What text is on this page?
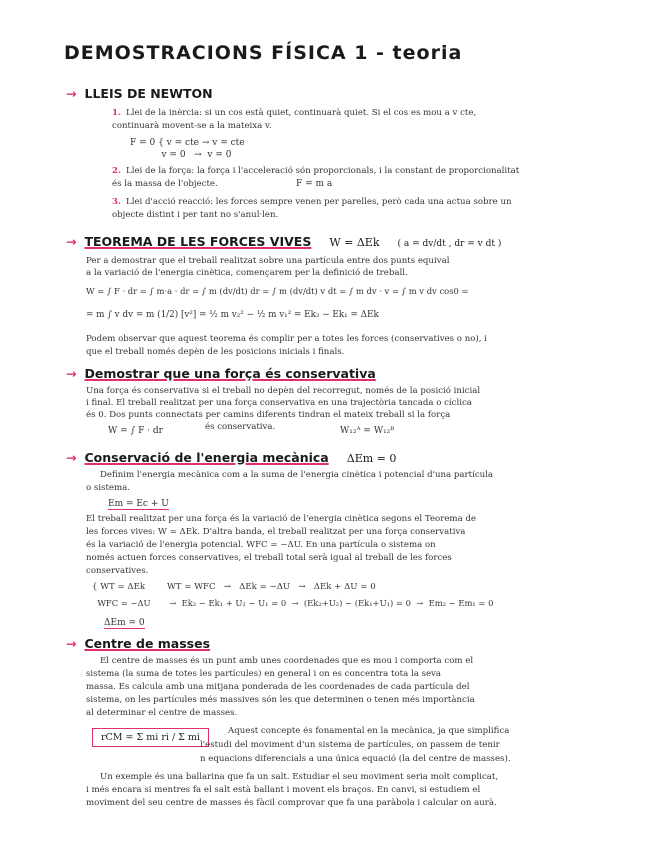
DEMOSTRACIONS FÍSICA 1 - teoria
→ LLEIS DE NEWTON
1. Llei de la inèrcia: si un cos està quiet, continuarà quiet. Si el cos es mou a v cte,
continuarà movent-se a la mateixa v.
F = 0 { v = cte → v = cte
v = 0   →  v = 0
2. Llei de la força: la força i l'acceleració són proporcionals, i la constant de proporcionalitat
és la massa de l'objecte.	F = m a
3. Llei d'acció reacció: les forces sempre venen per parelles, però cada una actua sobre un
objecte distint i per tant no s'anul·len.
→ TEOREMA DE LES FORCES VIVES W = ΔEk ( a = dv/dt , dr = v dt )
Per a demostrar que el treball realitzat sobre una partícula entre dos punts equival
a la variació de l'energia cinètica, començarem per la definició de treball.
W = ∫ F · dr = ∫ m·a · dr = ∫ m (dv/dt) dr = ∫ m (dv/dt) v dt = ∫ m dv · v = ∫ m v dv cos0 =
= m ∫ v dv = m (1/2) [v²] = ½ m v₂² − ½ m v₁² = Ek₂ − Ek₁ = ΔEk
Podem observar que aquest teorema és complir per a totes les forces (conservatives o no), i
que el treball només depèn de les posicions inicials i finals.
→ Demostrar que una força és conservativa
Una força és conservativa si el treball no depèn del recorregut, només de la posició inicial
i final. El treball realitzat per una força conservativa en una trajectòria tancada o cíclica
és 0. Dos punts connectats per camins diferents tindran el mateix treball si la força
W = ∫ F · dr	és conservativa.	W₁₂ᴬ = W₁₂ᴮ
→ Conservació de l'energia mecànica ΔEm = 0
Definim l'energia mecànica com a la suma de l'energia cinètica i potencial d'una partícula
o sistema.
Em = Ec + U
El treball realitzat per una força és la variació de l'energia cinètica segons el Teorema de
les forces vives: W = ΔEk. D'altra banda, el treball realitzat per una força conservativa
és la variació de l'energia potencial. WFC = −ΔU. En una partícula o sistema on
només actuen forces conservatives, el treball total serà igual al treball de les forces
conservatives.
{ WT = ΔEk        WT = WFC   →   ΔEk = −ΔU   →   ΔEk + ΔU = 0
WFC = −ΔU       →  Ek₂ − Ek₁ + U₂ − U₁ = 0  →  (Ek₂+U₂) − (Ek₁+U₁) = 0  →  Em₂ − Em₁ = 0
ΔEm = 0
→ Centre de masses
El centre de masses és un punt amb unes coordenades que es mou i comporta com el
sistema (la suma de totes les partícules) en general i on es concentra tota la seva
massa. Es calcula amb una mitjana ponderada de les coordenades de cada partícula del
sistema, on les partícules més massives són les que determinen o tenen més importància
al determinar el centre de masses.
rCM = Σ mi ri / Σ mi
Aquest concepte és fonamental en la mecànica, ja que simplifica
l'estudi del moviment d'un sistema de partícules, on passem de tenir
n equacions diferencials a una única equació (la del centre de masses).
Un exemple és una ballarina que fa un salt. Estudiar el seu moviment seria molt complicat,
i més encara si mentres fa el salt està ballant i movent els braços. En canvi, si estudiem el
moviment del seu centre de masses és fàcil comprovar que fa una paràbola i calcular on aurà.
